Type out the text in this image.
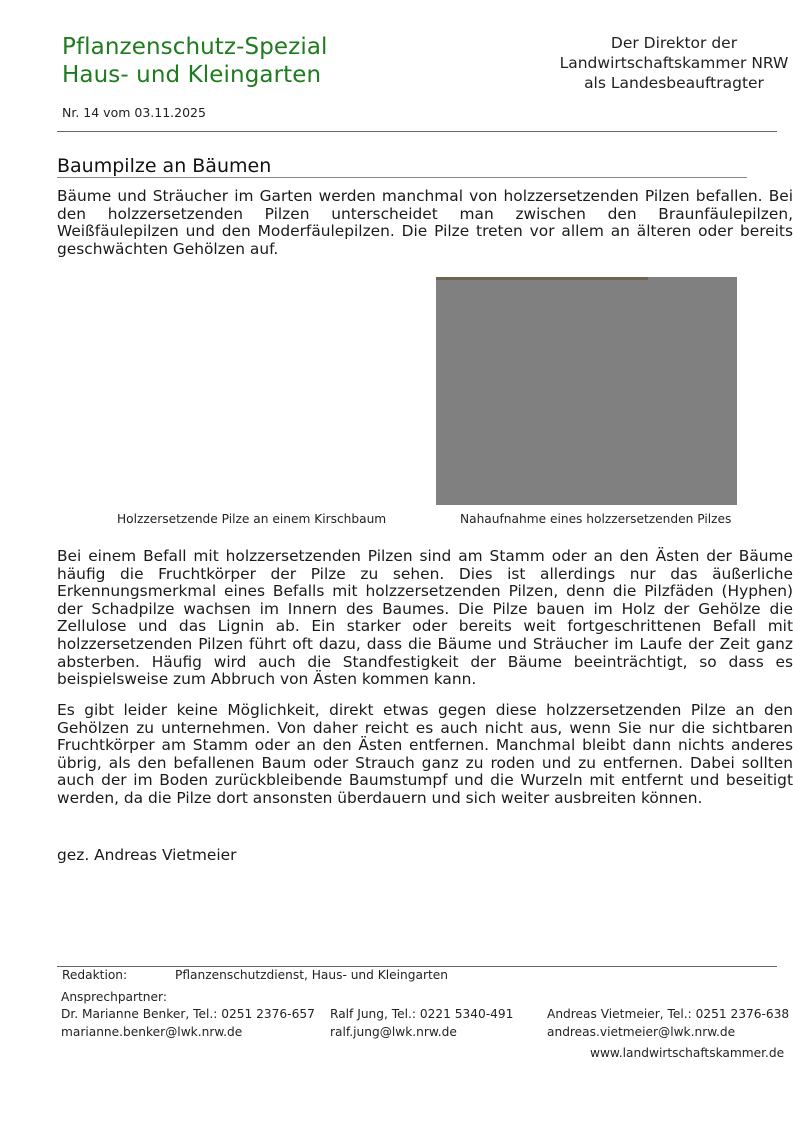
Pflanzenschutz-Spezial
Haus- und Kleingarten
Nr. 14 vom 03.11.2025
Der Direktor der
Landwirtschaftskammer NRW
als Landesbeauftragter
Baumpilze an Bäumen
Bäume und Sträucher im Garten werden manchmal von holzzersetzenden Pilzen befallen. Bei den holzzersetzenden Pilzen unterscheidet man zwischen den Braunfäulepilzen, Weißfäulepilzen und den Moderfäulepilzen. Die Pilze treten vor allem an älteren oder bereits geschwächten Gehölzen auf.
Holzzersetzende Pilze an einem Kirschbaum	Nahaufnahme eines holzzersetzenden Pilzes
Bei einem Befall mit holzzersetzenden Pilzen sind am Stamm oder an den Ästen der Bäume häufig die Fruchtkörper der Pilze zu sehen. Dies ist allerdings nur das äußerliche Erkennungsmerkmal eines Befalls mit holzzersetzenden Pilzen, denn die Pilzfäden (Hyphen) der Schadpilze wachsen im Innern des Baumes. Die Pilze bauen im Holz der Gehölze die Zellulose und das Lignin ab. Ein starker oder bereits weit fortgeschrittenen Befall mit holzzersetzenden Pilzen führt oft dazu, dass die Bäume und Sträucher im Laufe der Zeit ganz absterben. Häufig wird auch die Standfestigkeit der Bäume beeinträchtigt, so dass es beispielsweise zum Abbruch von Ästen kommen kann.
Es gibt leider keine Möglichkeit, direkt etwas gegen diese holzzersetzenden Pilze an den Gehölzen zu unternehmen. Von daher reicht es auch nicht aus, wenn Sie nur die sichtbaren Fruchtkörper am Stamm oder an den Ästen entfernen. Manchmal bleibt dann nichts anderes übrig, als den befallenen Baum oder Strauch ganz zu roden und zu entfernen. Dabei sollten auch der im Boden zurückbleibende Baumstumpf und die Wurzeln mit entfernt und beseitigt werden, da die Pilze dort ansonsten überdauern und sich weiter ausbreiten können.
gez. Andreas Vietmeier
Redaktion:	Pflanzenschutzdienst, Haus- und Kleingarten
Ansprechpartner:
Dr. Marianne Benker, Tel.: 0251 2376-657
marianne.benker@lwk.nrw.de
Ralf Jung, Tel.: 0221 5340-491
ralf.jung@lwk.nrw.de
Andreas Vietmeier, Tel.: 0251 2376-638
andreas.vietmeier@lwk.nrw.de
www.landwirtschaftskammer.de
